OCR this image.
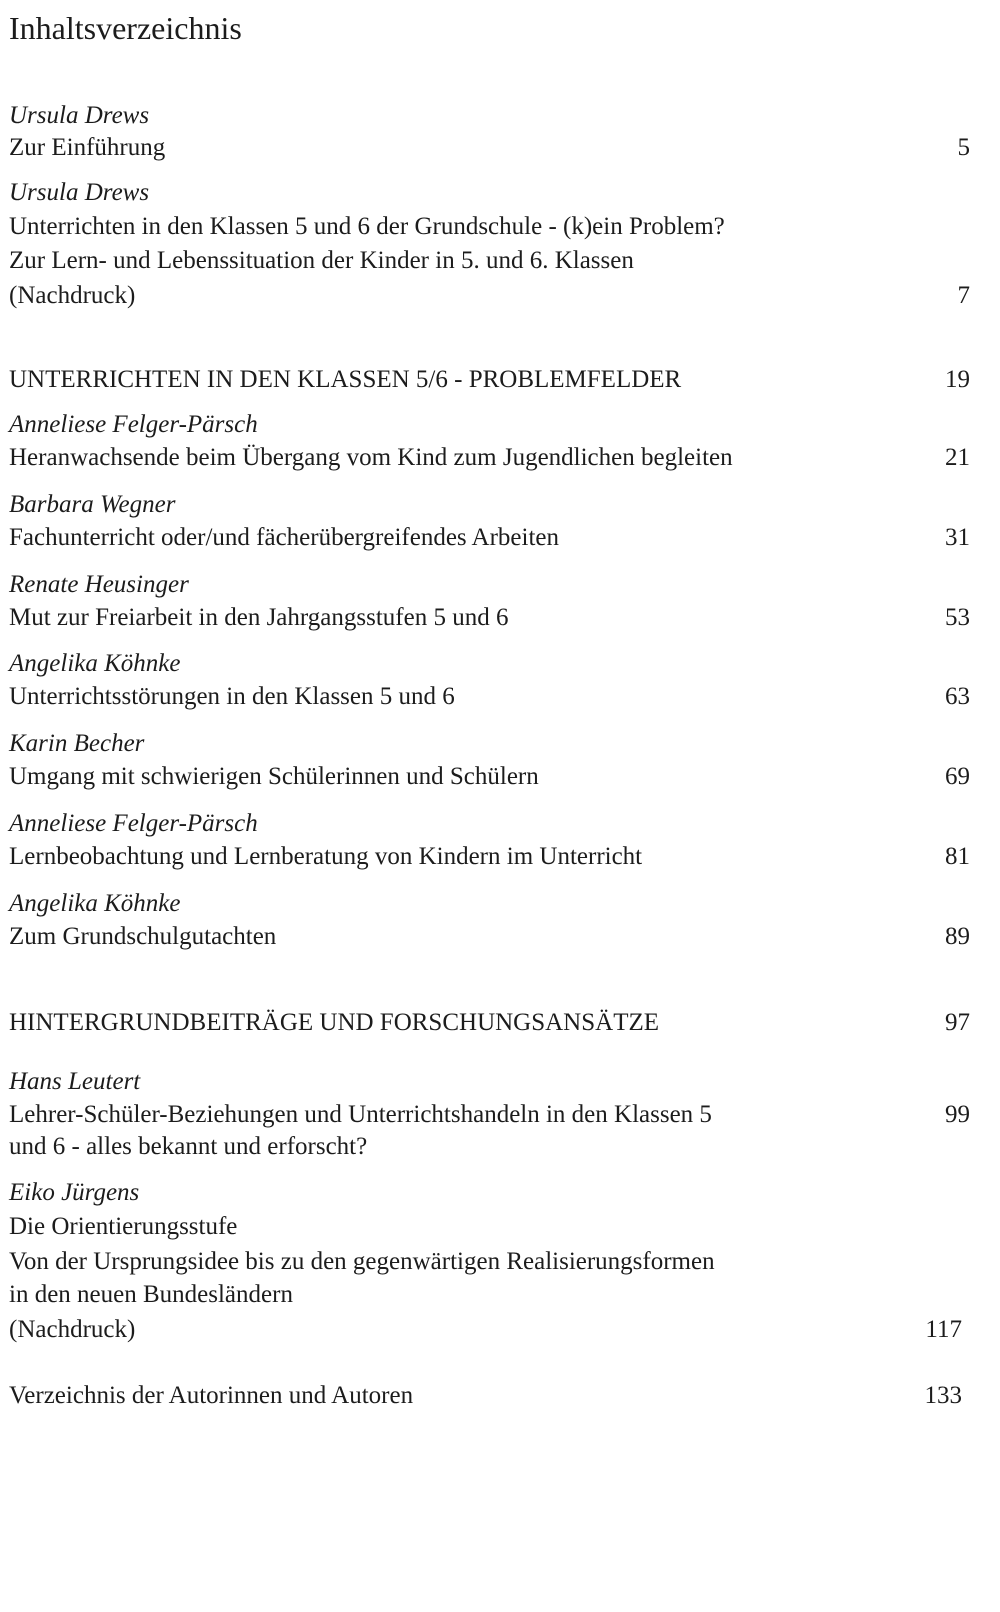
Inhaltsverzeichnis
Ursula Drews
Zur Einführung	5
Ursula Drews
Unterrichten in den Klassen 5 und 6 der Grundschule - (k)ein Problem?
Zur Lern- und Lebenssituation der Kinder in 5. und 6. Klassen
(Nachdruck)	7
UNTERRICHTEN IN DEN KLASSEN 5/6 - PROBLEMFELDER	19
Anneliese Felger-Pärsch
Heranwachsende beim Übergang vom Kind zum Jugendlichen begleiten	21
Barbara Wegner
Fachunterricht oder/und fächerübergreifendes Arbeiten	31
Renate Heusinger
Mut zur Freiarbeit in den Jahrgangsstufen 5 und 6	53
Angelika Köhnke
Unterrichtsstörungen in den Klassen 5 und 6	63
Karin Becher
Umgang mit schwierigen Schülerinnen und Schülern	69
Anneliese Felger-Pärsch
Lernbeobachtung und Lernberatung von Kindern im Unterricht	81
Angelika Köhnke
Zum Grundschulgutachten	89
HINTERGRUNDBEITRÄGE UND FORSCHUNGSANSÄTZE	97
Hans Leutert
Lehrer-Schüler-Beziehungen und Unterrichtshandeln in den Klassen 5
und 6 - alles bekannt und erforscht?
99
Eiko Jürgens
Die Orientierungsstufe
Von der Ursprungsidee bis zu den gegenwärtigen Realisierungsformen
in den neuen Bundesländern
(Nachdruck)	117
Verzeichnis der Autorinnen und Autoren	133
